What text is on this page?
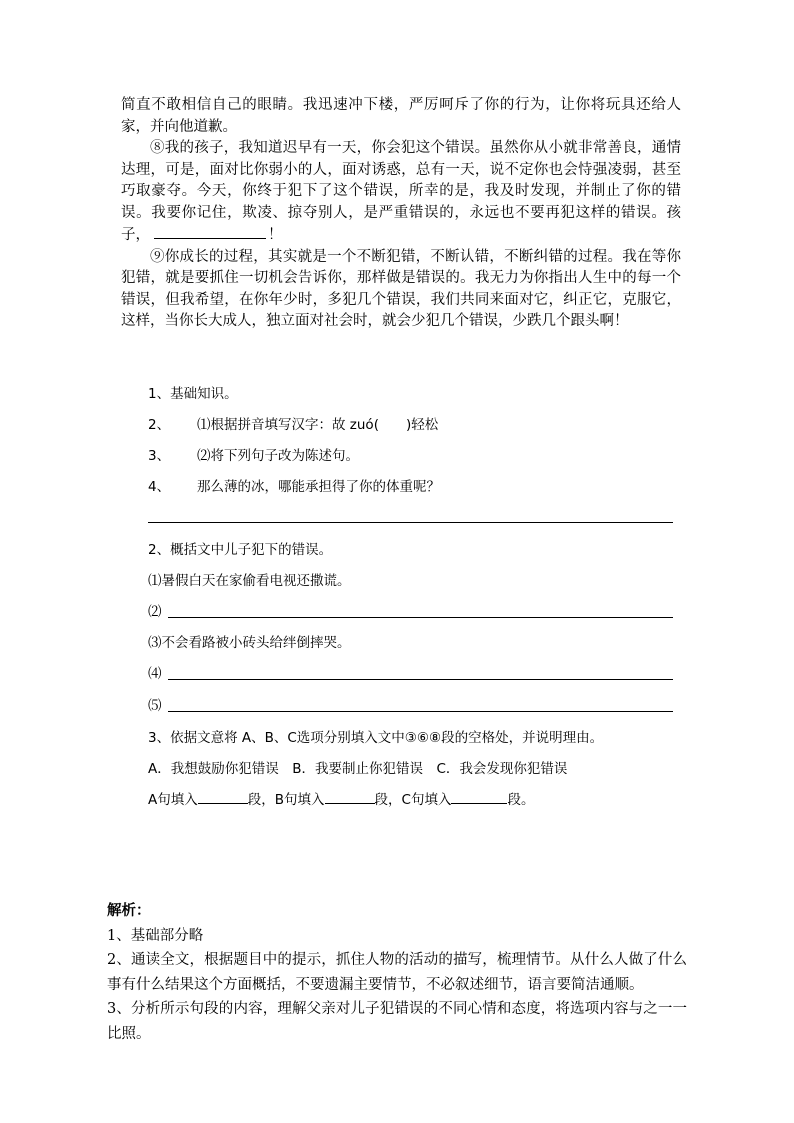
简直不敢相信自己的眼睛。我迅速冲下楼，严厉呵斥了你的行为，让你将玩具还给人家，并向他道歉。

⑧我的孩子，我知道迟早有一天，你会犯这个错误。虽然你从小就非常善良，通情达理，可是，面对比你弱小的人，面对诱惑，总有一天，说不定你也会恃强凌弱，甚至巧取豪夺。今天，你终于犯下了这个错误，所幸的是，我及时发现，并制止了你的错误。我要你记住，欺凌、掠夺别人，是严重错误的，永远也不要再犯这样的错误。孩子，	！

⑨你成长的过程，其实就是一个不断犯错，不断认错，不断纠错的过程。我在等你犯错，就是要抓住一切机会告诉你，那样做是错误的。我无力为你指出人生中的每一个错误，但我希望，在你年少时，多犯几个错误，我们共同来面对它，纠正它，克服它，这样，当你长大成人，独立面对社会时，就会少犯几个错误，少跌几个跟头啊！

1、基础知识。
2、 ⑴根据拼音填写汉字：故 zuó(　　)轻松
3、 ⑵将下列句子改为陈述句。
4、 那么薄的冰，哪能承担得了你的体重呢？
2、概括文中儿子犯下的错误。
⑴暑假白天在家偷看电视还撒谎。
⑵
⑶不会看路被小砖头给绊倒摔哭。
⑷
⑸
3、依据文意将 A、B、C选项分别填入文中③⑥⑧段的空格处，并说明理由。
A．我想鼓励你犯错误　B．我要制止你犯错误　C．我会发现你犯错误
A句填入	段，B句填入	段，C句填入	段。

解析：

1、基础部分略

2、通读全文，根据题目中的提示，抓住人物的活动的描写，梳理情节。从什么人做了什么事有什么结果这个方面概括，不要遗漏主要情节，不必叙述细节，语言要简洁通顺。

3、分析所示句段的内容，理解父亲对儿子犯错误的不同心情和态度，将选项内容与之一一比照。
